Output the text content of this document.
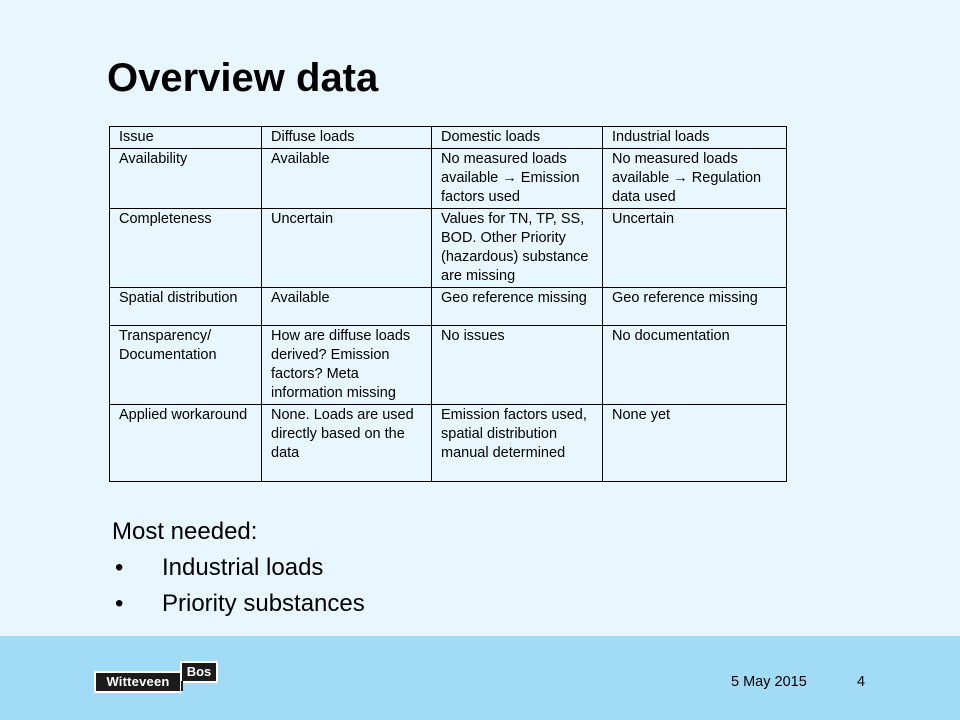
Overview data
Issue	Diffuse loads	Domestic loads	Industrial loads
Availability	Available	No measured loads available → Emission factors used	No measured loads available → Regulation data used
Completeness	Uncertain	Values for TN, TP, SS, BOD. Other Priority (hazardous) substance are missing	Uncertain
Spatial distribution	Available	Geo reference missing	Geo reference missing
Transparency/ Documentation	How are diffuse loads derived? Emission factors? Meta information missing	No issues	No documentation
Applied workaround	None. Loads are used directly based on the data	Emission factors used, spatial distribution manual determined	None yet
Most needed:
• Industrial loads
• Priority substances
Witteveen
Bos
5 May 2015	4
